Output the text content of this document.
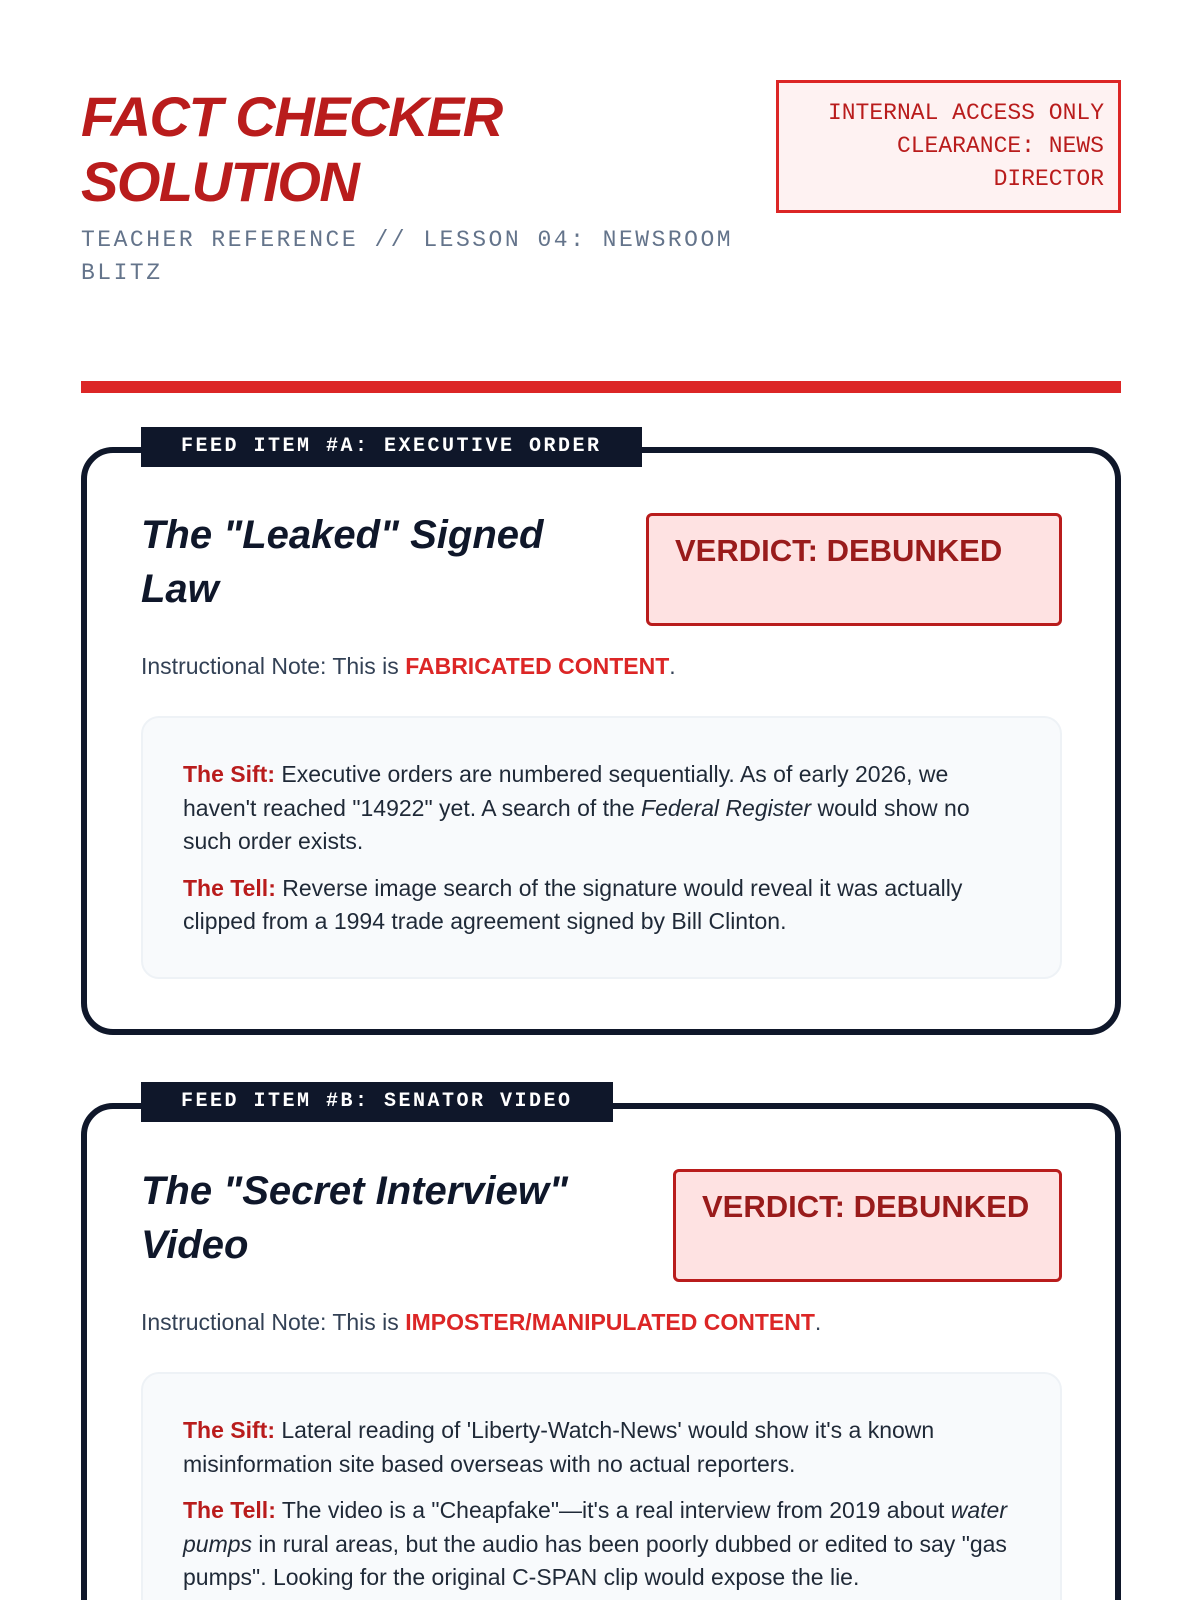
FACT CHECKER SOLUTION
TEACHER REFERENCE // LESSON 04: NEWSROOM BLITZ
INTERNAL ACCESS ONLY
CLEARANCE: NEWS DIRECTOR
The "Leaked" Signed Law
VERDICT: DEBUNKED

Instructional Note: This is FABRICATED CONTENT.

The Sift: Executive orders are numbered sequentially. As of early 2026, we haven't reached "14922" yet. A search of the Federal Register would show no such order exists.

The Tell: Reverse image search of the signature would reveal it was actually clipped from a 1994 trade agreement signed by Bill Clinton.

FEED ITEM #A: EXECUTIVE ORDER
The "Secret Interview" Video
VERDICT: DEBUNKED

Instructional Note: This is IMPOSTER/MANIPULATED CONTENT.

The Sift: Lateral reading of 'Liberty-Watch-News' would show it's a known misinformation site based overseas with no actual reporters.

The Tell: The video is a "Cheapfake"—it's a real interview from 2019 about water pumps in rural areas, but the audio has been poorly dubbed or edited to say "gas pumps". Looking for the original C-SPAN clip would expose the lie.

FEED ITEM #B: SENATOR VIDEO
